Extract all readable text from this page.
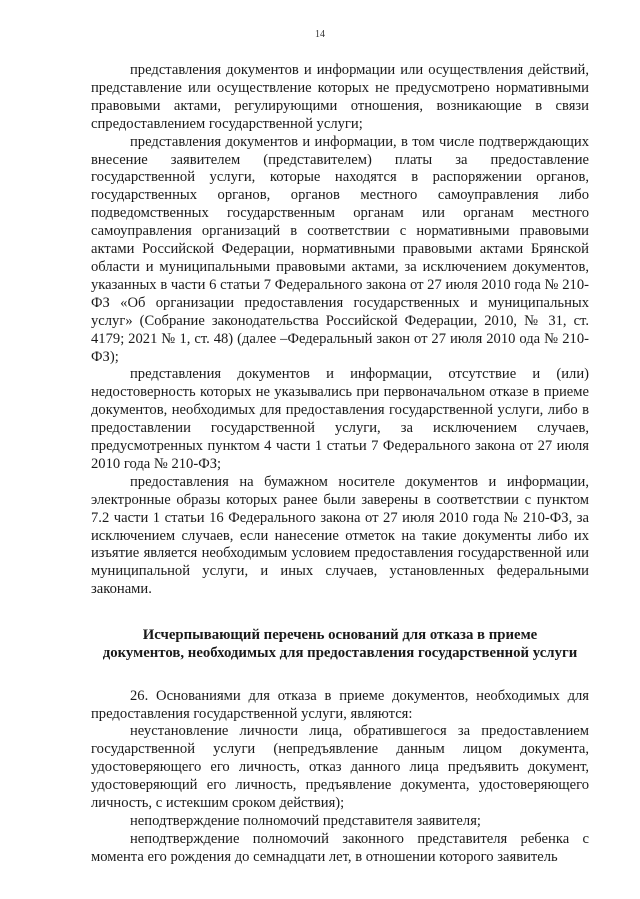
14

представления документов и информации или осуществления действий, представление или осуществление которых не предусмотрено нормативными правовыми актами, регулирующими отношения, возникающие в связи спредоставлением государственной услуги;

представления документов и информации, в том числе подтверждающих внесение заявителем (представителем) платы за предоставление государственной услуги, которые находятся в распоряжении органов, государственных органов, органов местного самоуправления либо подведомственных государственным органам или органам местного самоуправления организаций в соответствии с нормативными правовыми актами Российской Федерации, нормативными правовыми актами Брянской области и муниципальными правовыми актами, за исключением документов, указанных в части 6 статьи 7 Федерального закона от 27 июля 2010 года № 210-ФЗ «Об организации предоставления государственных и муниципальных услуг» (Собрание законодательства Российской Федерации, 2010, № 31, ст. 4179; 2021 № 1, ст. 48) (далее –Федеральный закон от 27 июля 2010 ода № 210-ФЗ);

представления документов и информации, отсутствие и (или) недостоверность которых не указывались при первоначальном отказе в приеме документов, необходимых для предоставления государственной услуги, либо в предоставлении государственной услуги, за исключением случаев, предусмотренных пунктом 4 части 1 статьи 7 Федерального закона от 27 июля 2010 года № 210-ФЗ;

предоставления на бумажном носителе документов и информации, электронные образы которых ранее были заверены в соответствии с пунктом 7.2 части 1 статьи 16 Федерального закона от 27 июля 2010 года № 210-ФЗ, за исключением случаев, если нанесение отметок на такие документы либо их изъятие является необходимым условием предоставления государственной или муниципальной услуги, и иных случаев, установленных федеральными законами.

Исчерпывающий перечень оснований для отказа в приеме
документов, необходимых для предоставления государственной услуги

26. Основаниями для отказа в приеме документов, необходимых для предоставления государственной услуги, являются:

неустановление личности лица, обратившегося за предоставлением государственной услуги (непредъявление данным лицом документа, удостоверяющего его личность, отказ данного лица предъявить документ, удостоверяющий его личность, предъявление документа, удостоверяющего личность, с истекшим сроком действия);

неподтверждение полномочий представителя заявителя;

неподтверждение полномочий законного представителя ребенка с момента его рождения до семнадцати лет, в отношении которого заявитель
